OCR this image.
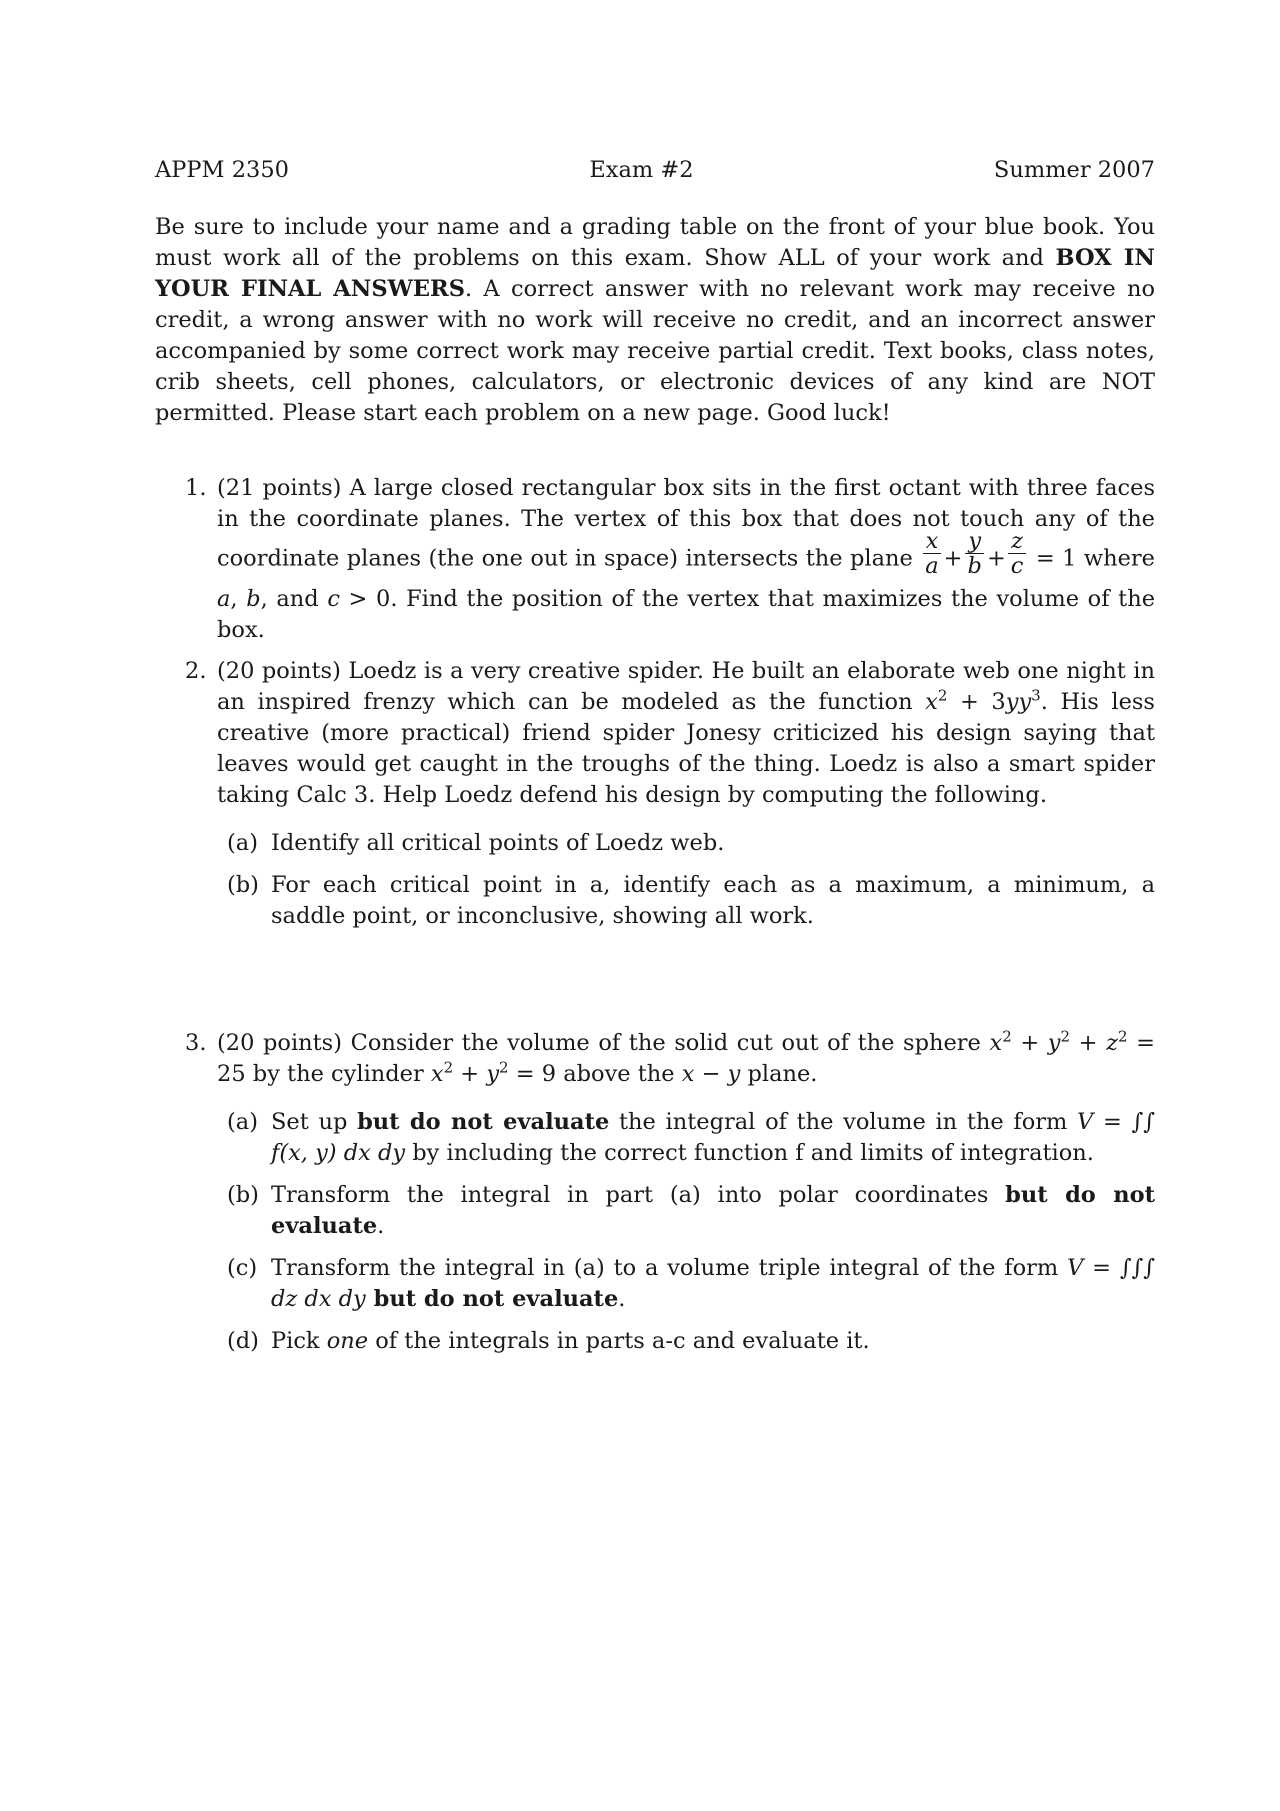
APPM 2350	Exam #2	Summer 2007
Be sure to include your name and a grading table on the front of your blue book. You must work all of the problems on this exam. Show ALL of your work and BOX IN YOUR FINAL ANSWERS. A correct answer with no relevant work may receive no credit, a wrong answer with no work will receive no credit, and an incorrect answer accompanied by some correct work may receive partial credit. Text books, class notes, crib sheets, cell phones, calculators, or electronic devices of any kind are NOT permitted. Please start each problem on a new page. Good luck!
1. (21 points) A large closed rectangular box sits in the first octant with three faces in the coordinate planes. The vertex of this box that does not touch any of the coordinate planes (the one out in space) intersects the plane $\frac{x}{a} + \frac{y}{b} + \frac{z}{c} = 1$ where a, b, and c > 0. Find the position of the vertex that maximizes the volume of the box.
2. (20 points) Loedz is a very creative spider. He built an elaborate web one night in an inspired frenzy which can be modeled as the function $x^2 + 3yy^3$. His less creative (more practical) friend spider Jonesy criticized his design saying that leaves would get caught in the troughs of the thing. Loedz is also a smart spider taking Calc 3. Help Loedz defend his design by computing the following.
(a) Identify all critical points of Loedz web.
(b) For each critical point in a, identify each as a maximum, a minimum, a saddle point, or inconclusive, showing all work.
3. (20 points) Consider the volume of the solid cut out of the sphere $x^2 + y^2 + z^2 = 25$ by the cylinder $x^2 + y^2 = 9$ above the x − y plane.
(a) Set up but do not evaluate the integral of the volume in the form V = ∫∫ f(x, y) dx dy by including the correct function f and limits of integration.
(b) Transform the integral in part (a) into polar coordinates but do not evaluate.
(c) Transform the integral in (a) to a volume triple integral of the form V = ∫∫∫ dz dx dy but do not evaluate.
(d) Pick one of the integrals in parts a-c and evaluate it.
